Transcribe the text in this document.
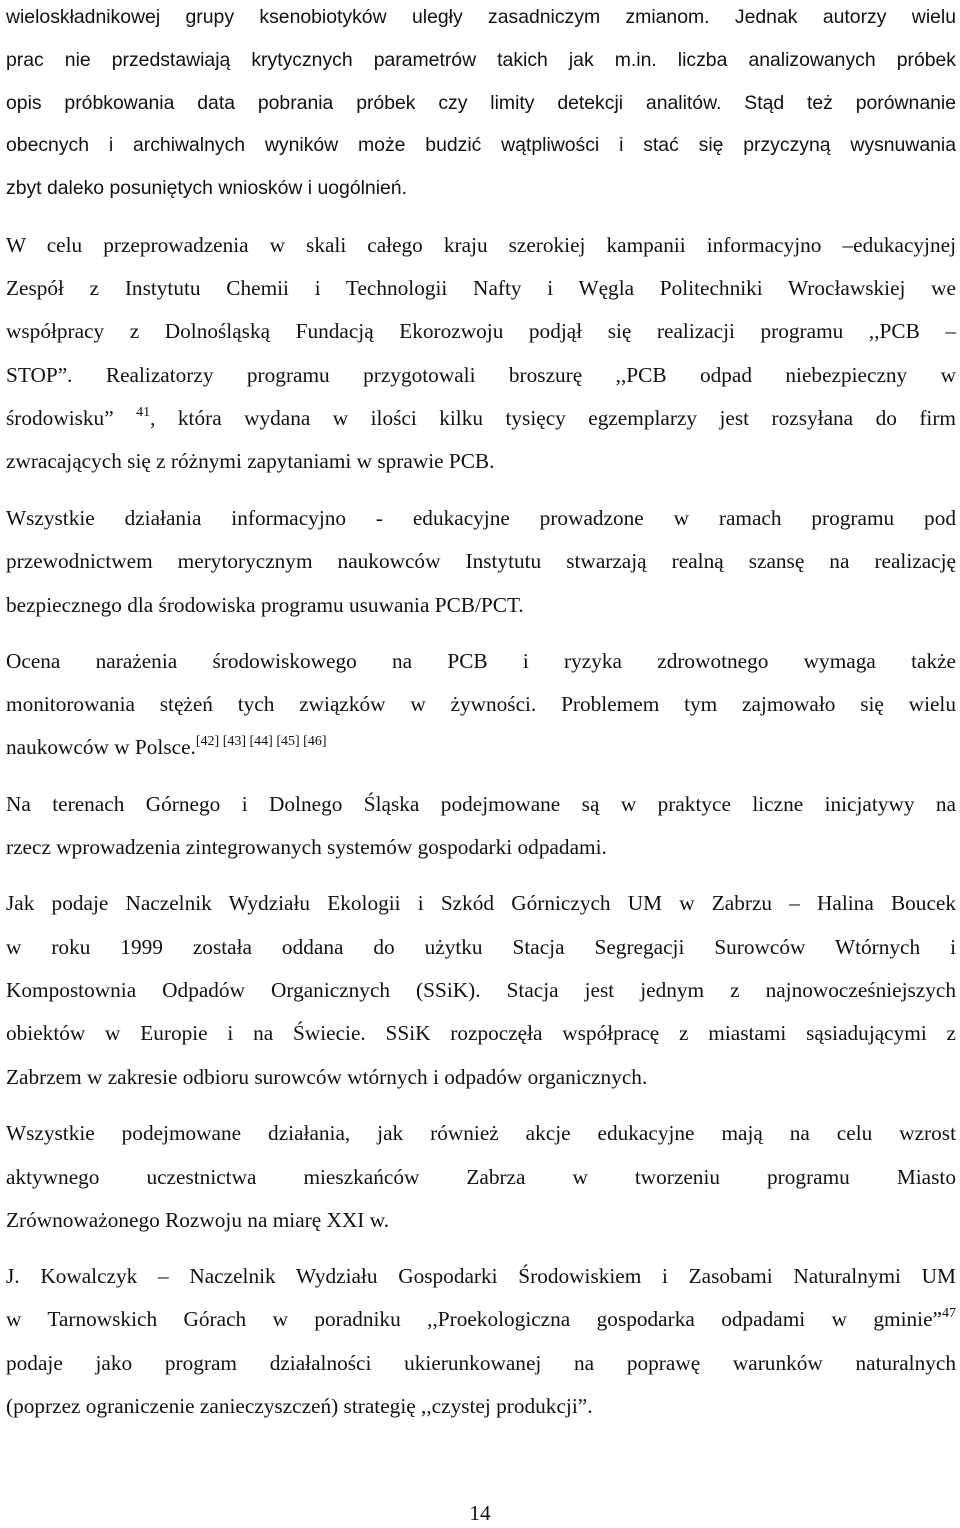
wieloskładnikowej grupy ksenobiotyków uległy zasadniczym zmianom. Jednak autorzy wielu
prac nie przedstawiają krytycznych parametrów takich jak m.in. liczba analizowanych próbek
opis próbkowania data pobrania próbek czy limity detekcji analitów. Stąd też porównanie
obecnych i archiwalnych wyników może budzić wątpliwości i stać się przyczyną wysnuwania
zbyt daleko posuniętych wniosków i uogólnień.
W celu przeprowadzenia w skali całego kraju szerokiej kampanii informacyjno –edukacyjnej
Zespół z Instytutu Chemii i Technologii Nafty i Węgla Politechniki Wrocławskiej we
współpracy z Dolnośląską Fundacją Ekorozwoju podjął się realizacji programu ,,PCB –
STOP”. Realizatorzy programu przygotowali broszurę ,,PCB odpad niebezpieczny w
środowisku” $^{41}$, która wydana w ilości kilku tysięcy egzemplarzy jest rozsyłana do firm
zwracających się z różnymi zapytaniami w sprawie PCB.
Wszystkie działania informacyjno - edukacyjne prowadzone w ramach programu pod
przewodnictwem merytorycznym naukowców Instytutu stwarzają realną szansę na realizację
bezpiecznego dla środowiska programu usuwania PCB/PCT.
Ocena narażenia środowiskowego na PCB i ryzyka zdrowotnego wymaga także
monitorowania stężeń tych związków w żywności. Problemem tym zajmowało się wielu
naukowców w Polsce.[42] [43] [44] [45] [46]
Na terenach Górnego i Dolnego Śląska podejmowane są w praktyce liczne inicjatywy na
rzecz wprowadzenia zintegrowanych systemów gospodarki odpadami.
Jak podaje Naczelnik Wydziału Ekologii i Szkód Górniczych UM w Zabrzu – Halina Boucek
w roku 1999 została oddana do użytku Stacja Segregacji Surowców Wtórnych i
Kompostownia Odpadów Organicznych (SSiK). Stacja jest jednym z najnowocześniejszych
obiektów w Europie i na Świecie. SSiK rozpoczęła współpracę z miastami sąsiadującymi z
Zabrzem w zakresie odbioru surowców wtórnych i odpadów organicznych.
Wszystkie podejmowane działania, jak również akcje edukacyjne mają na celu wzrost
aktywnego uczestnictwa mieszkańców Zabrza w tworzeniu programu Miasto
Zrównoważonego Rozwoju na miarę XXI w.
J. Kowalczyk – Naczelnik Wydziału Gospodarki Środowiskiem i Zasobami Naturalnymi UM
w Tarnowskich Górach w poradniku ,,Proekologiczna gospodarka odpadami w gminie”$^{47}$
podaje jako program działalności ukierunkowanej na poprawę warunków naturalnych
(poprzez ograniczenie zanieczyszczeń) strategię ,,czystej produkcji”.
14
